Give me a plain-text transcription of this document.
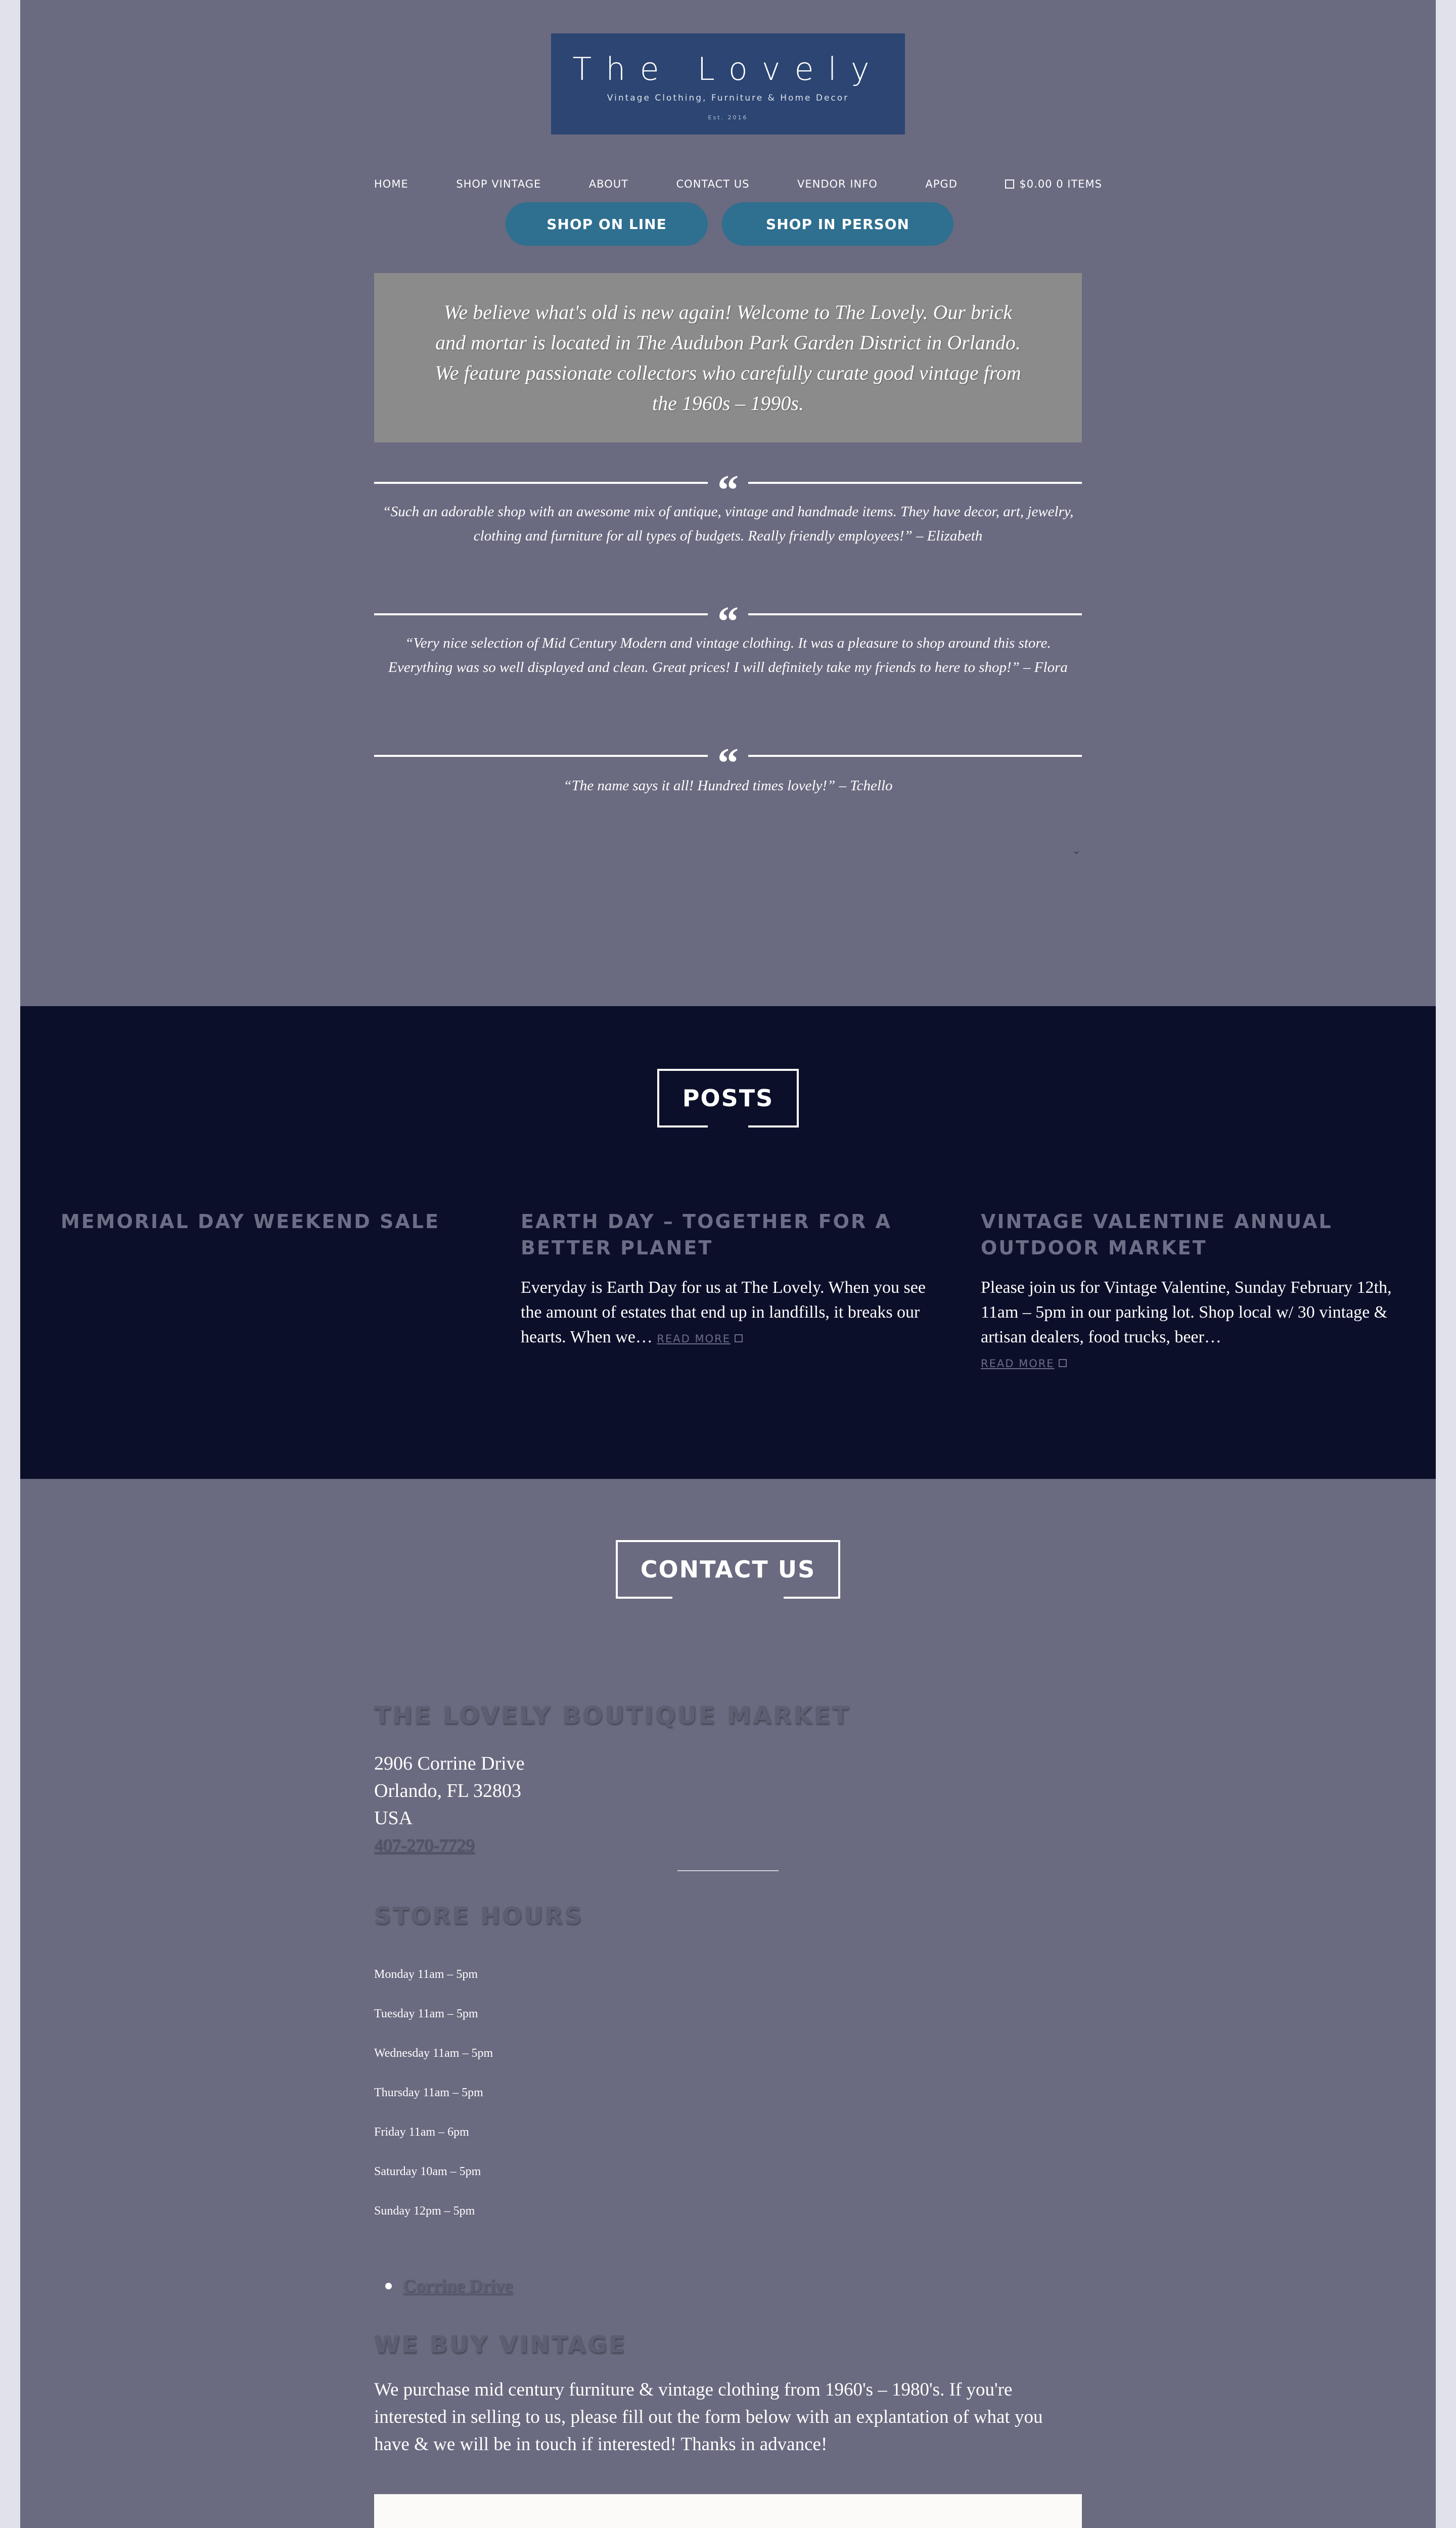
The Lovely
Vintage Clothing, Furniture & Home Decor
Est. 2016
HOME	SHOP VINTAGE	ABOUT	CONTACT US	VENDOR INFO	APGD	$0.00 0 ITEMS
SHOP ON LINE	SHOP IN PERSON

We believe what's old is new again! Welcome to The Lovely. Our brick and mortar is located in The Audubon Park Garden District in Orlando. We feature passionate collectors who carefully curate good vintage from the 1960s – 1990s.

“
“Such an adorable shop with an awesome mix of antique, vintage and handmade items. They have decor, art, jewelry, clothing and furniture for all types of budgets. Really friendly employees!” – Elizabeth
“
“Very nice selection of Mid Century Modern and vintage clothing. It was a pleasure to shop around this store. Everything was so well displayed and clean. Great prices! I will definitely take my friends to here to shop!” – Flora
“
“The name says it all! Hundred times lovely!” – Tchello
⌄
POSTS
MEMORIAL DAY WEEKEND SALE	EARTH DAY – TOGETHER FOR A BETTER PLANET

Everyday is Earth Day for us at The Lovely. When you see the amount of estates that end up in landfills, it breaks our hearts. When we… READ MORE

VINTAGE VALENTINE ANNUAL OUTDOOR MARKET

Please join us for Vintage Valentine, Sunday February 12th, 11am – 5pm in our parking lot. Shop local w/ 30 vintage & artisan dealers, food trucks, beer…
READ MORE

CONTACT US
THE LOVELY BOUTIQUE MARKET
2906 Corrine Drive
Orlando, FL 32803
USA
407-270-7729
STORE HOURS
Monday 11am – 5pm
Tuesday 11am – 5pm
Wednesday 11am – 5pm
Thursday 11am – 5pm
Friday 11am – 6pm
Saturday 10am – 5pm
Sunday 12pm – 5pm
Corrine Drive
WE BUY VINTAGE

We purchase mid century furniture & vintage clothing from 1960's – 1980's. If you're interested in selling to us, please fill out the form below with an explantation of what you have & we will be in touch if interested! Thanks in advance!
